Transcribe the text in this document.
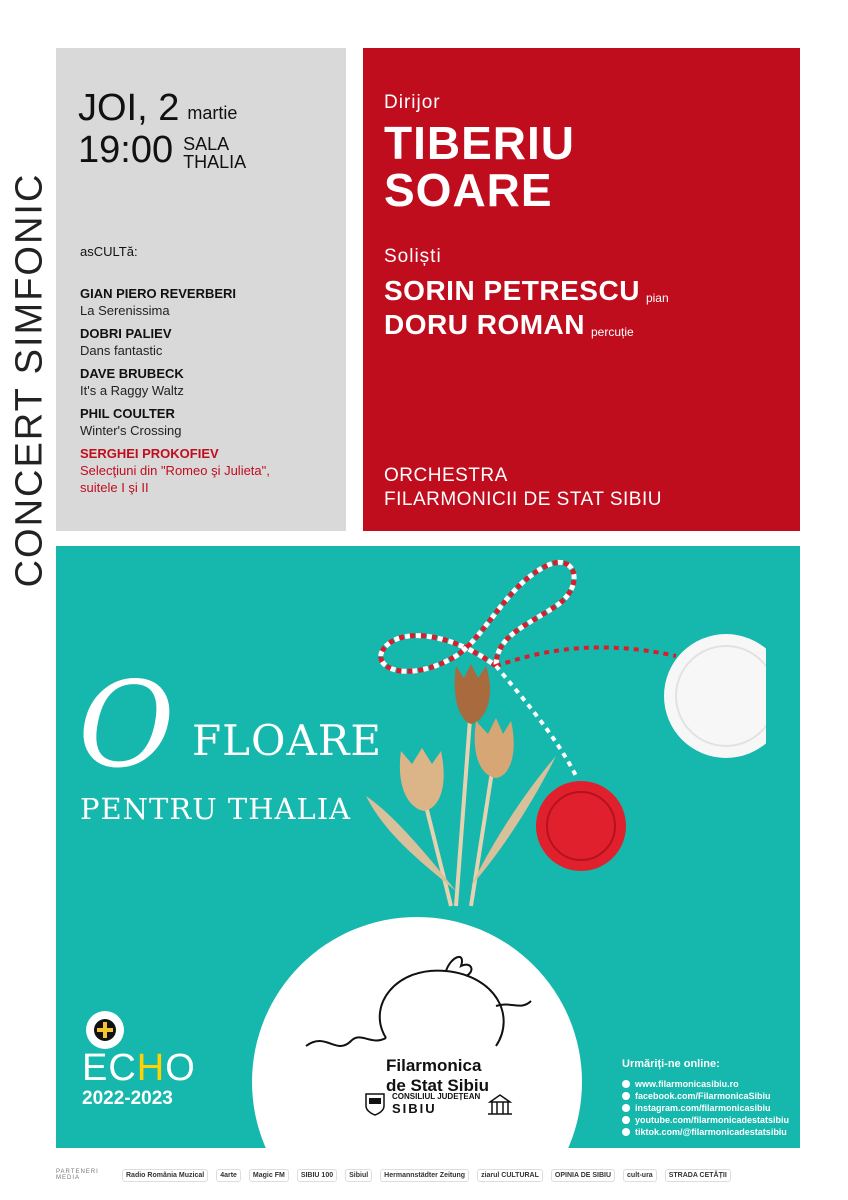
CONCERT SIMFONIC
JOI, 2 martie
19:00 SALA
THALIA
asCULTă:
GIAN PIERO REVERBERI
La Serenissima
DOBRI PALIEV
Dans fantastic
DAVE BRUBECK
It's a Raggy Waltz
PHIL COULTER
Winter's Crossing
SERGHEI PROKOFIEV
Selecţiuni din "Romeo şi Julieta",
suitele I şi II
Dirijor
TIBERIU
SOARE
Soliști
SORIN PETRESCU pian
DORU ROMAN percuție
ORCHESTRA
FILARMONICII DE STAT SIBIU
O FLOARE
PENTRU THALIA
Filarmonica
de Stat Sibiu
CONSILIUL JUDEȚEAN
SIBIU
ECHO
2022-2023
Urmăriți-ne online:
www.filarmonicasibiu.ro
facebook.com/FilarmonicaSibiu
instagram.com/filarmonicasibiu
youtube.com/filarmonicadestatsibiu
tiktok.com/@filarmonicadestatsibiu
PARTENERI MEDIA	Radio România Muzical	4arte	Magic FM	SIBIU 100	Sibiul	Hermannstädter Zeitung	ziarul CULTURAL	OPINIA DE SIBIU	cult-ura	STRADA CETĂȚII
